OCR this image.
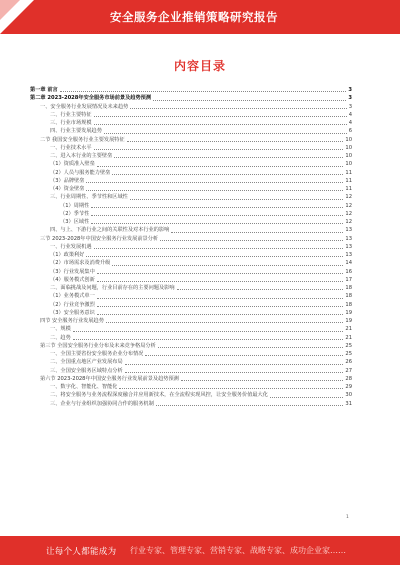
安全服务企业推销策略研究报告
内容目录
第一章 前言	3
第二章 2023-2028年安全服务市场前景及趋势预测	3
一、安全服务行业发展情况及未来趋势	3
二、行业主要特征	4
三、行业市场规模	4
四、行业主要发展趋势	6
二节 我国安全服务行业主要发展特征	10
一、行业技术水平	10
二、进入本行业的主要壁垒	10
（1）资质准入壁垒	10
（2）人员与服务能力壁垒	11
（3）品牌壁垒	11
（4）资金壁垒	11
三、行业周期性、季节性和区域性	12
（1）周期性	12
（2）季节性	12
（3）区域性	12
四、与上、下游行业之间的关联性及对本行业的影响	13
三节 2023-2028年中国安全服务行业发展前景分析	13
一、行业发展机遇	13
（1）政策利好	13
（2）市场需求及消费升级	14
（3）行业发展集中	16
（4）服务模式创新	17
二、面临挑战及问题，行业目前存在的主要问题及影响	18
（1）业务模式单一	18
（2）行业竞争激烈	18
（3）安全服务意识	19
四节 安全服务行业发展趋势	19
一、规模	21
二、趋势	21
第三节 全国安全服务行业分布及未来竞争格局分析	25
一、全国主要省份安全服务企业分布情况	25
二、全国重点地区产业发展布局	26
三、全国安全服务区域特点分析	27
第六节 2023-2028年中国安全服务行业发展前景及趋势预测	28
一、数字化、智能化、智能化	29
二、将安全服务与业务流程深度融合并应用新技术，在全流程实现风控，让安全服务价值最大化	30
三、企业与行业组织加强协同合作的服务机制	31
1
让每个人都能成为 行业专家、管理专家、营销专家、战略专家、成功企业家……
